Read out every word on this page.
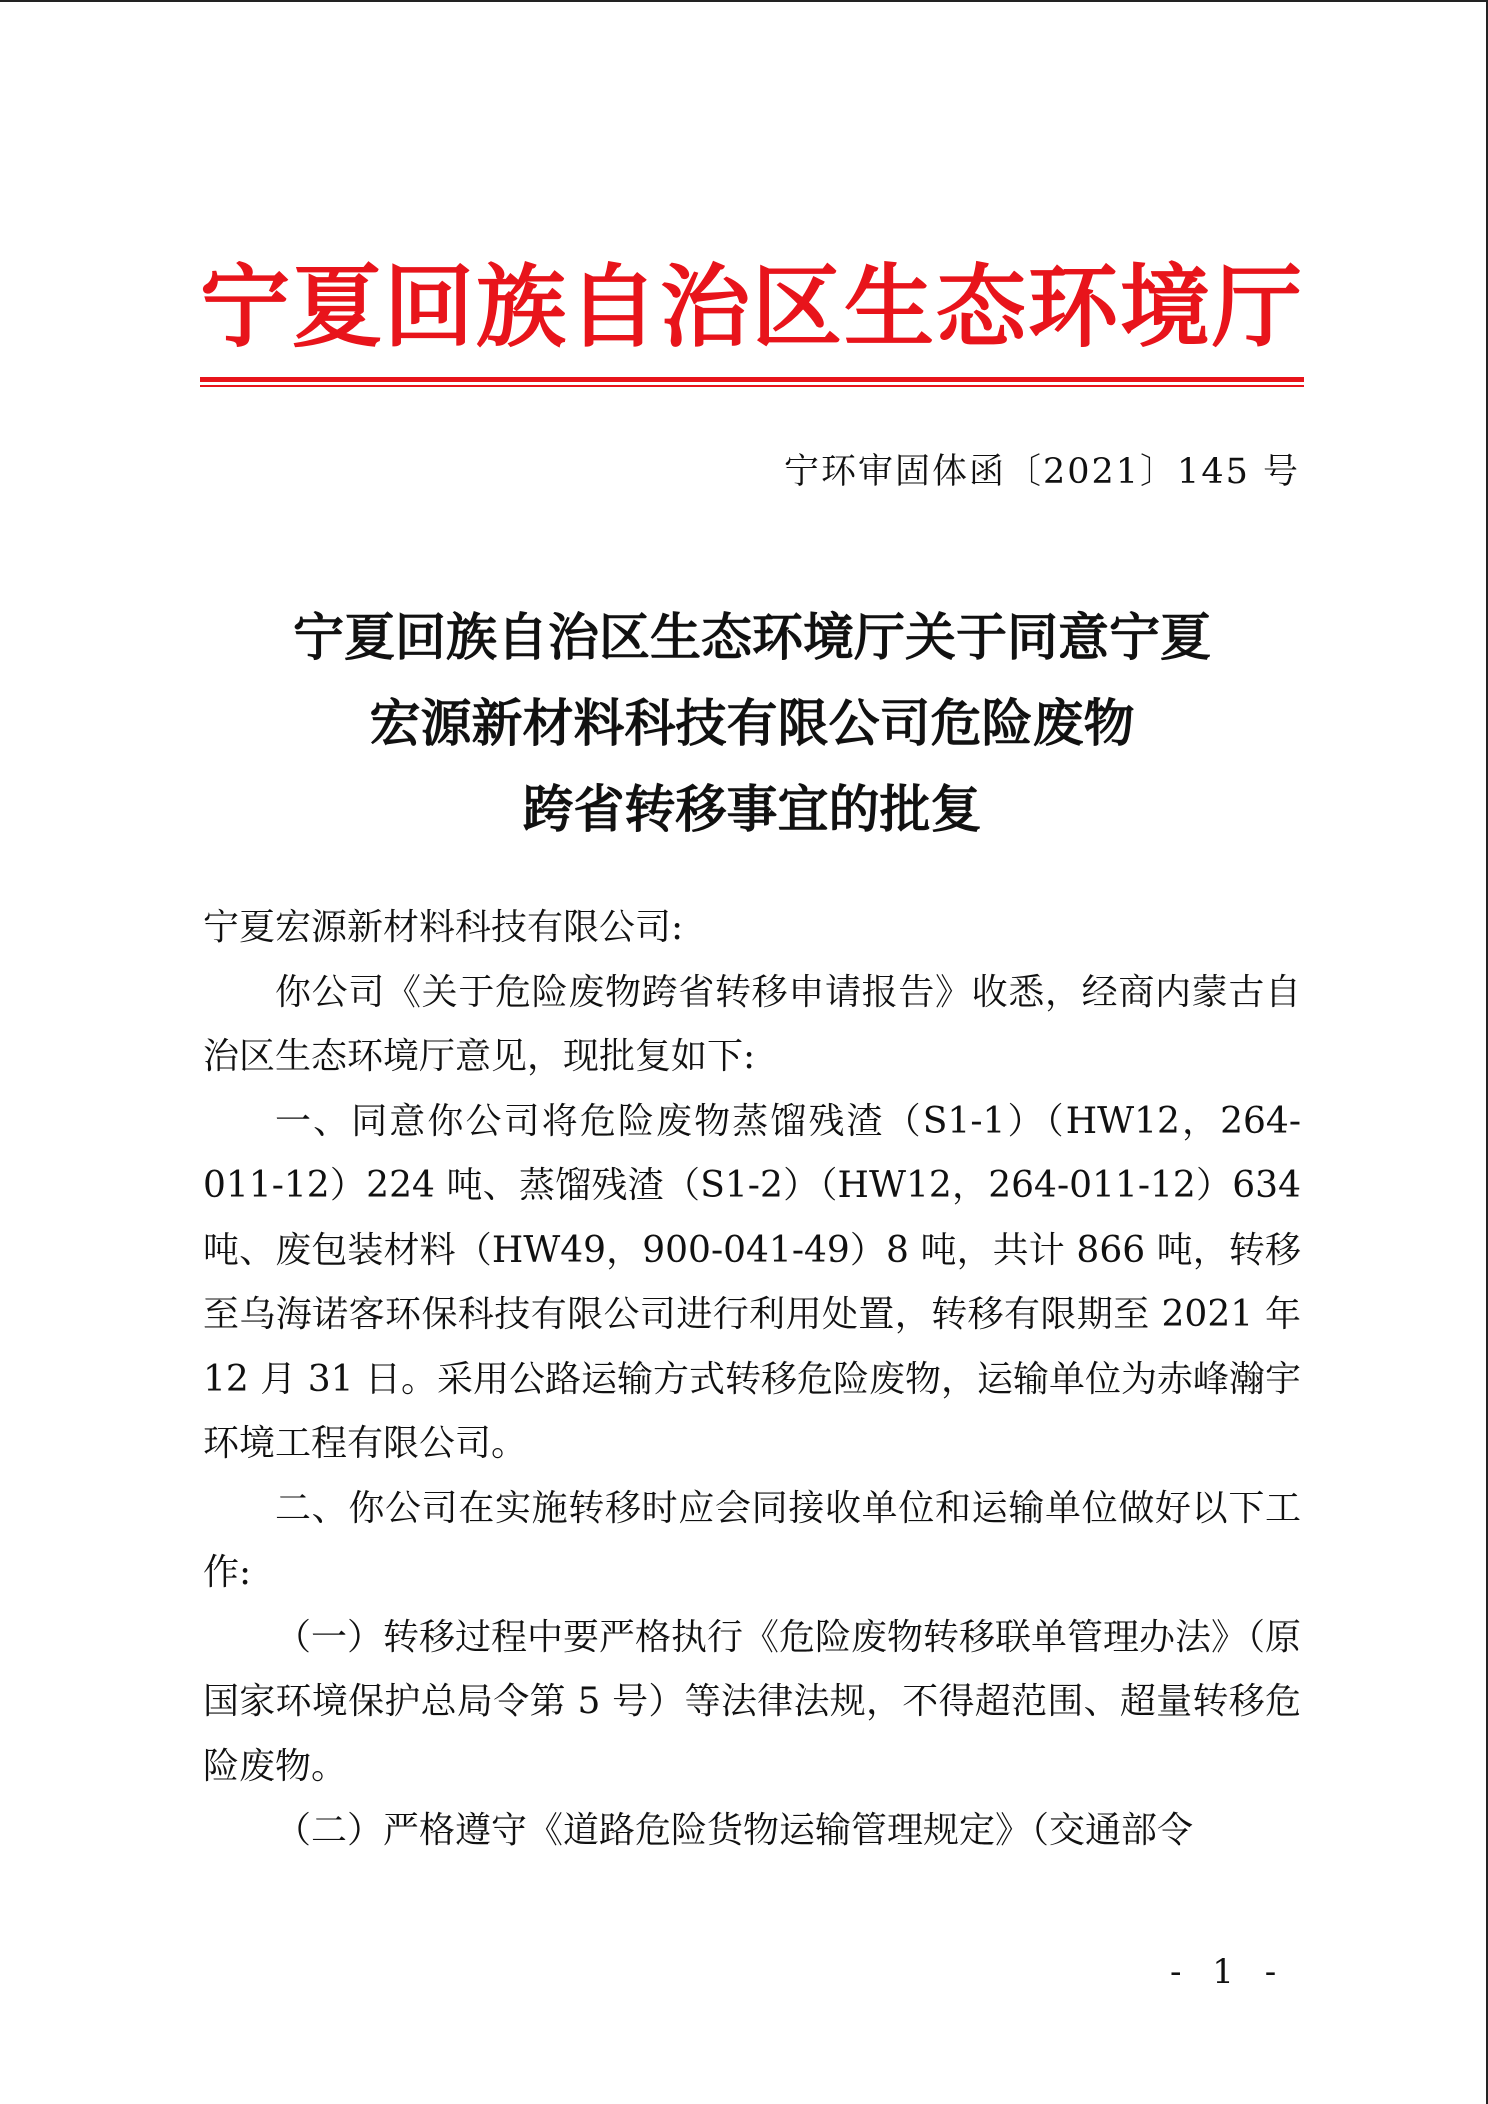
宁夏回族自治区生态环境厅
宁环审固体函〔2021〕145 号
宁夏回族自治区生态环境厅关于同意宁夏
宏源新材料科技有限公司危险废物
跨省转移事宜的批复

宁夏宏源新材料科技有限公司:

你公司《关于危险废物跨省转移申请报告》收悉，经商内蒙古自治区生态环境厅意见，现批复如下:

一、同意你公司将危险废物蒸馏残渣（S1-1）（HW12，264-011-12）224 吨、蒸馏残渣（S1-2）（HW12，264-011-12）634 吨、废包装材料（HW49，900-041-49）8 吨，共计 866 吨，转移至乌海诺客环保科技有限公司进行利用处置，转移有限期至 2021 年 12 月 31 日。采用公路运输方式转移危险废物，运输单位为赤峰瀚宇环境工程有限公司。

二、你公司在实施转移时应会同接收单位和运输单位做好以下工作:

（一）转移过程中要严格执行《危险废物转移联单管理办法》（原国家环境保护总局令第 5 号）等法律法规，不得超范围、超量转移危险废物。

（二）严格遵守《道路危险货物运输管理规定》（交通部令

- 1 -
